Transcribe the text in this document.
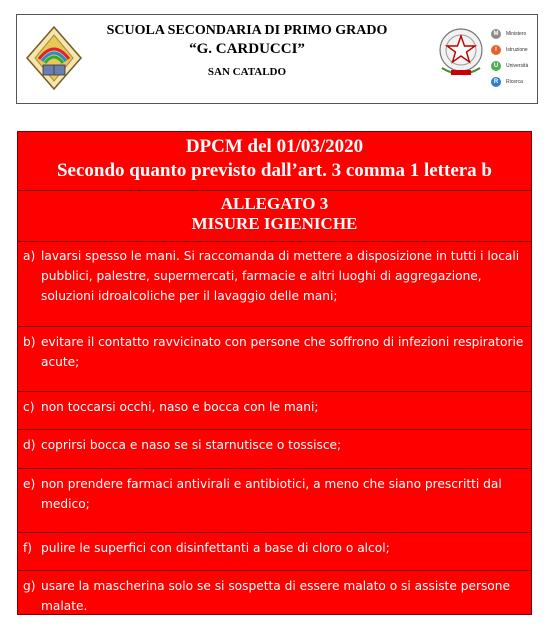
SCUOLA SECONDARIA DI PRIMO GRADO
“G. CARDUCCI”
SAN CATALDO
M	Ministero
I	Istruzione
U	Università
R	Ricerca
DPCM del 01/03/2020
Secondo quanto previsto dall’art. 3 comma 1 lettera b
ALLEGATO 3
MISURE IGIENICHE
a) lavarsi spesso le mani. Si raccomanda di mettere a disposizione in tutti i locali pubblici, palestre, supermercati, farmacie e altri luoghi di aggregazione, soluzioni idroalcoliche per il lavaggio delle mani;
b) evitare il contatto ravvicinato con persone che soffrono di infezioni respiratorie acute;
c) non toccarsi occhi, naso e bocca con le mani;
d) coprirsi bocca e naso se si starnutisce o tossisce;
e) non prendere farmaci antivirali e antibiotici, a meno che siano prescritti dal medico;
f) pulire le superfici con disinfettanti a base di cloro o alcol;
g) usare la mascherina solo se si sospetta di essere malato o si assiste persone malate.
